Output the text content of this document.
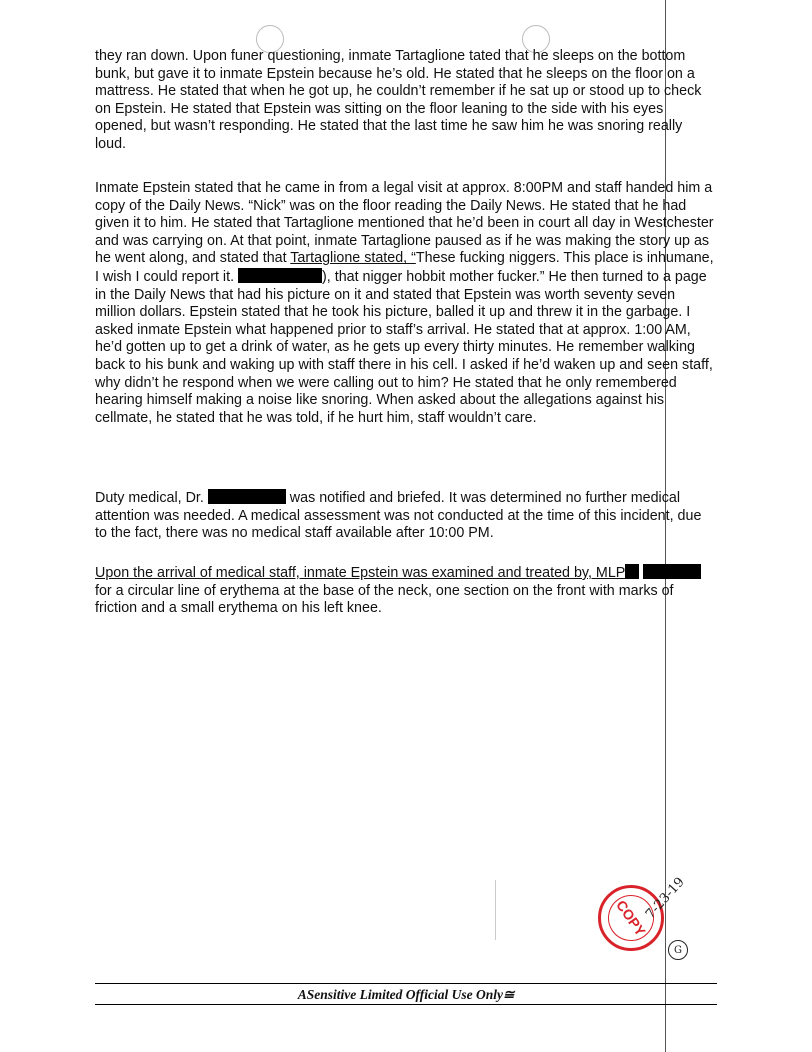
they ran down. Upon funer questioning, inmate Tartaglione tated that he sleeps on the bottom bunk, but gave it to inmate Epstein because he’s old. He stated that he sleeps on the floor on a mattress. He stated that when he got up, he couldn’t remember if he sat up or stood up to check on Epstein. He stated that Epstein was sitting on the floor leaning to the side with his eyes opened, but wasn’t responding. He stated that the last time he saw him he was snoring really loud.

Inmate Epstein stated that he came in from a legal visit at approx. 8:00PM and staff handed him a copy of the Daily News. “Nick” was on the floor reading the Daily News. He stated that he had given it to him. He stated that Tartaglione mentioned that he’d been in court all day in Westchester and was carrying on. At that point, inmate Tartaglione paused as if he was making the story up as he went along, and stated that Tartaglione stated, “These fucking niggers. This place is inhumane, I wish I could report it.	), that nigger hobbit mother fucker.” He then turned to a page in the Daily News that had his picture on it and stated that Epstein was worth seventy seven million dollars. Epstein stated that he took his picture, balled it up and threw it in the garbage. I asked inmate Epstein what happened prior to staff’s arrival. He stated that at approx. 1:00 AM, he’d gotten up to get a drink of water, as he gets up every thirty minutes. He remember walking back to his bunk and waking up with staff there in his cell. I asked if he’d waken up and seen staff, why didn’t he respond when we were calling out to him? He stated that he only remembered hearing himself making a noise like snoring. When asked about the allegations against his cellmate, he stated that he was told, if he hurt him, staff wouldn’t care.

Duty medical, Dr.	was notified and briefed. It was determined no further medical attention was needed. A medical assessment was not conducted at the time of this incident, due to the fact, there was no medical staff available after 10:00 PM.

Upon the arrival of medical staff, inmate Epstein was examined and treated by, MLP  for a circular line of erythema at the base of the neck, one section on the front with marks of friction and a small erythema on his left knee.

COPY
7-23-19
G
ASensitive Limited Official Use Only≅
